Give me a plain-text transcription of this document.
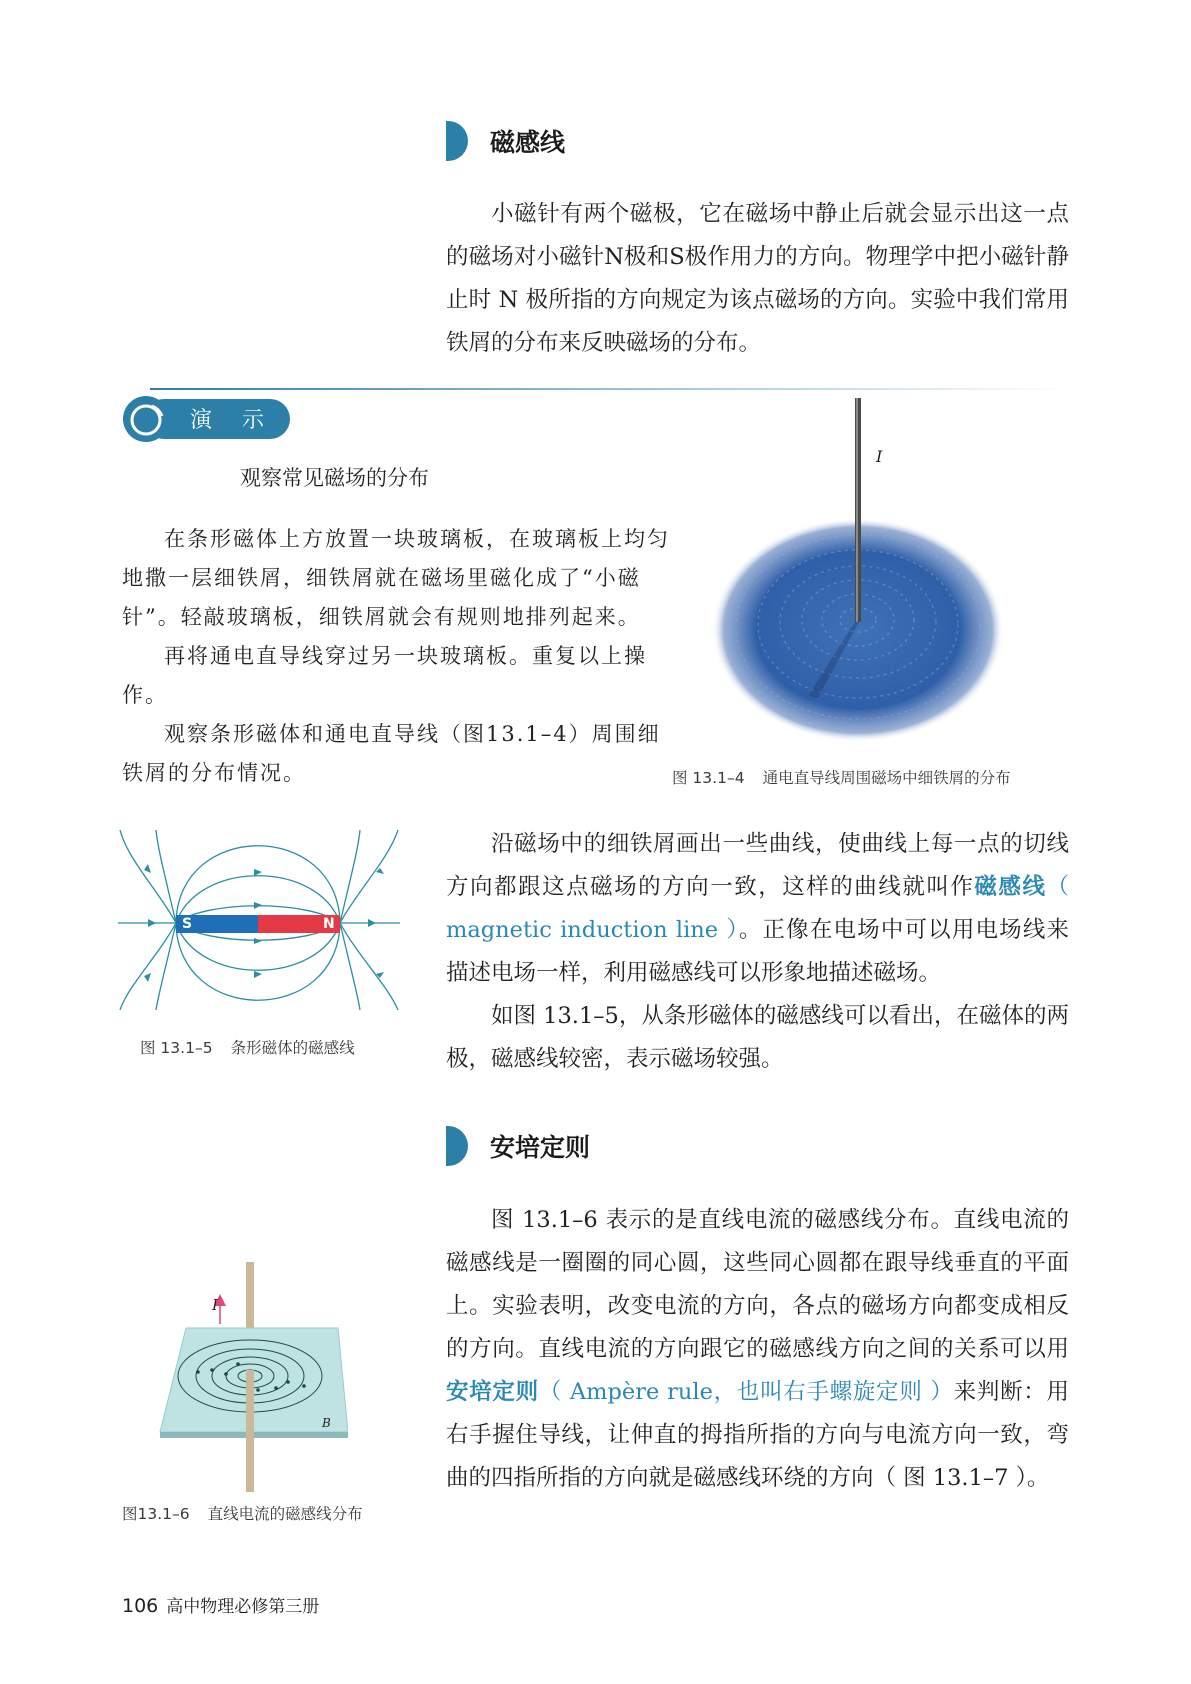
磁感线

小磁针有两个磁极，它在磁场中静止后就会显示出这一点的磁场对小磁针N极和S极作用力的方向。物理学中把小磁针静止时 N 极所指的方向规定为该点磁场的方向。实验中我们常用铁屑的分布来反映磁场的分布。

演　示
观察常见磁场的分布

在条形磁体上方放置一块玻璃板，在玻璃板上均匀地撒一层细铁屑，细铁屑就在磁场里磁化成了“小磁针”。轻敲玻璃板，细铁屑就会有规则地排列起来。

再将通电直导线穿过另一块玻璃板。重复以上操作。

观察条形磁体和通电直导线（图13.1–4）周围细铁屑的分布情况。

I
图 13.1–4 通电直导线周围磁场中细铁屑的分布
S	N
图 13.1–5 条形磁体的磁感线

沿磁场中的细铁屑画出一些曲线，使曲线上每一点的切线方向都跟这点磁场的方向一致，这样的曲线就叫作磁感线（ magnetic induction line ）。正像在电场中可以用电场线来描述电场一样，利用磁感线可以形象地描述磁场。

如图 13.1–5，从条形磁体的磁感线可以看出，在磁体的两极，磁感线较密，表示磁场较强。

安培定则

图 13.1–6 表示的是直线电流的磁感线分布。直线电流的磁感线是一圈圈的同心圆，这些同心圆都在跟导线垂直的平面上。实验表明，改变电流的方向，各点的磁场方向都变成相反的方向。直线电流的方向跟它的磁感线方向之间的关系可以用安培定则（ Ampère rule，也叫右手螺旋定则 ）来判断：用右手握住导线，让伸直的拇指所指的方向与电流方向一致，弯曲的四指所指的方向就是磁感线环绕的方向（ 图 13.1–7 ）。

I
B
图13.1–6 直线电流的磁感线分布
106 高中物理必修第三册
